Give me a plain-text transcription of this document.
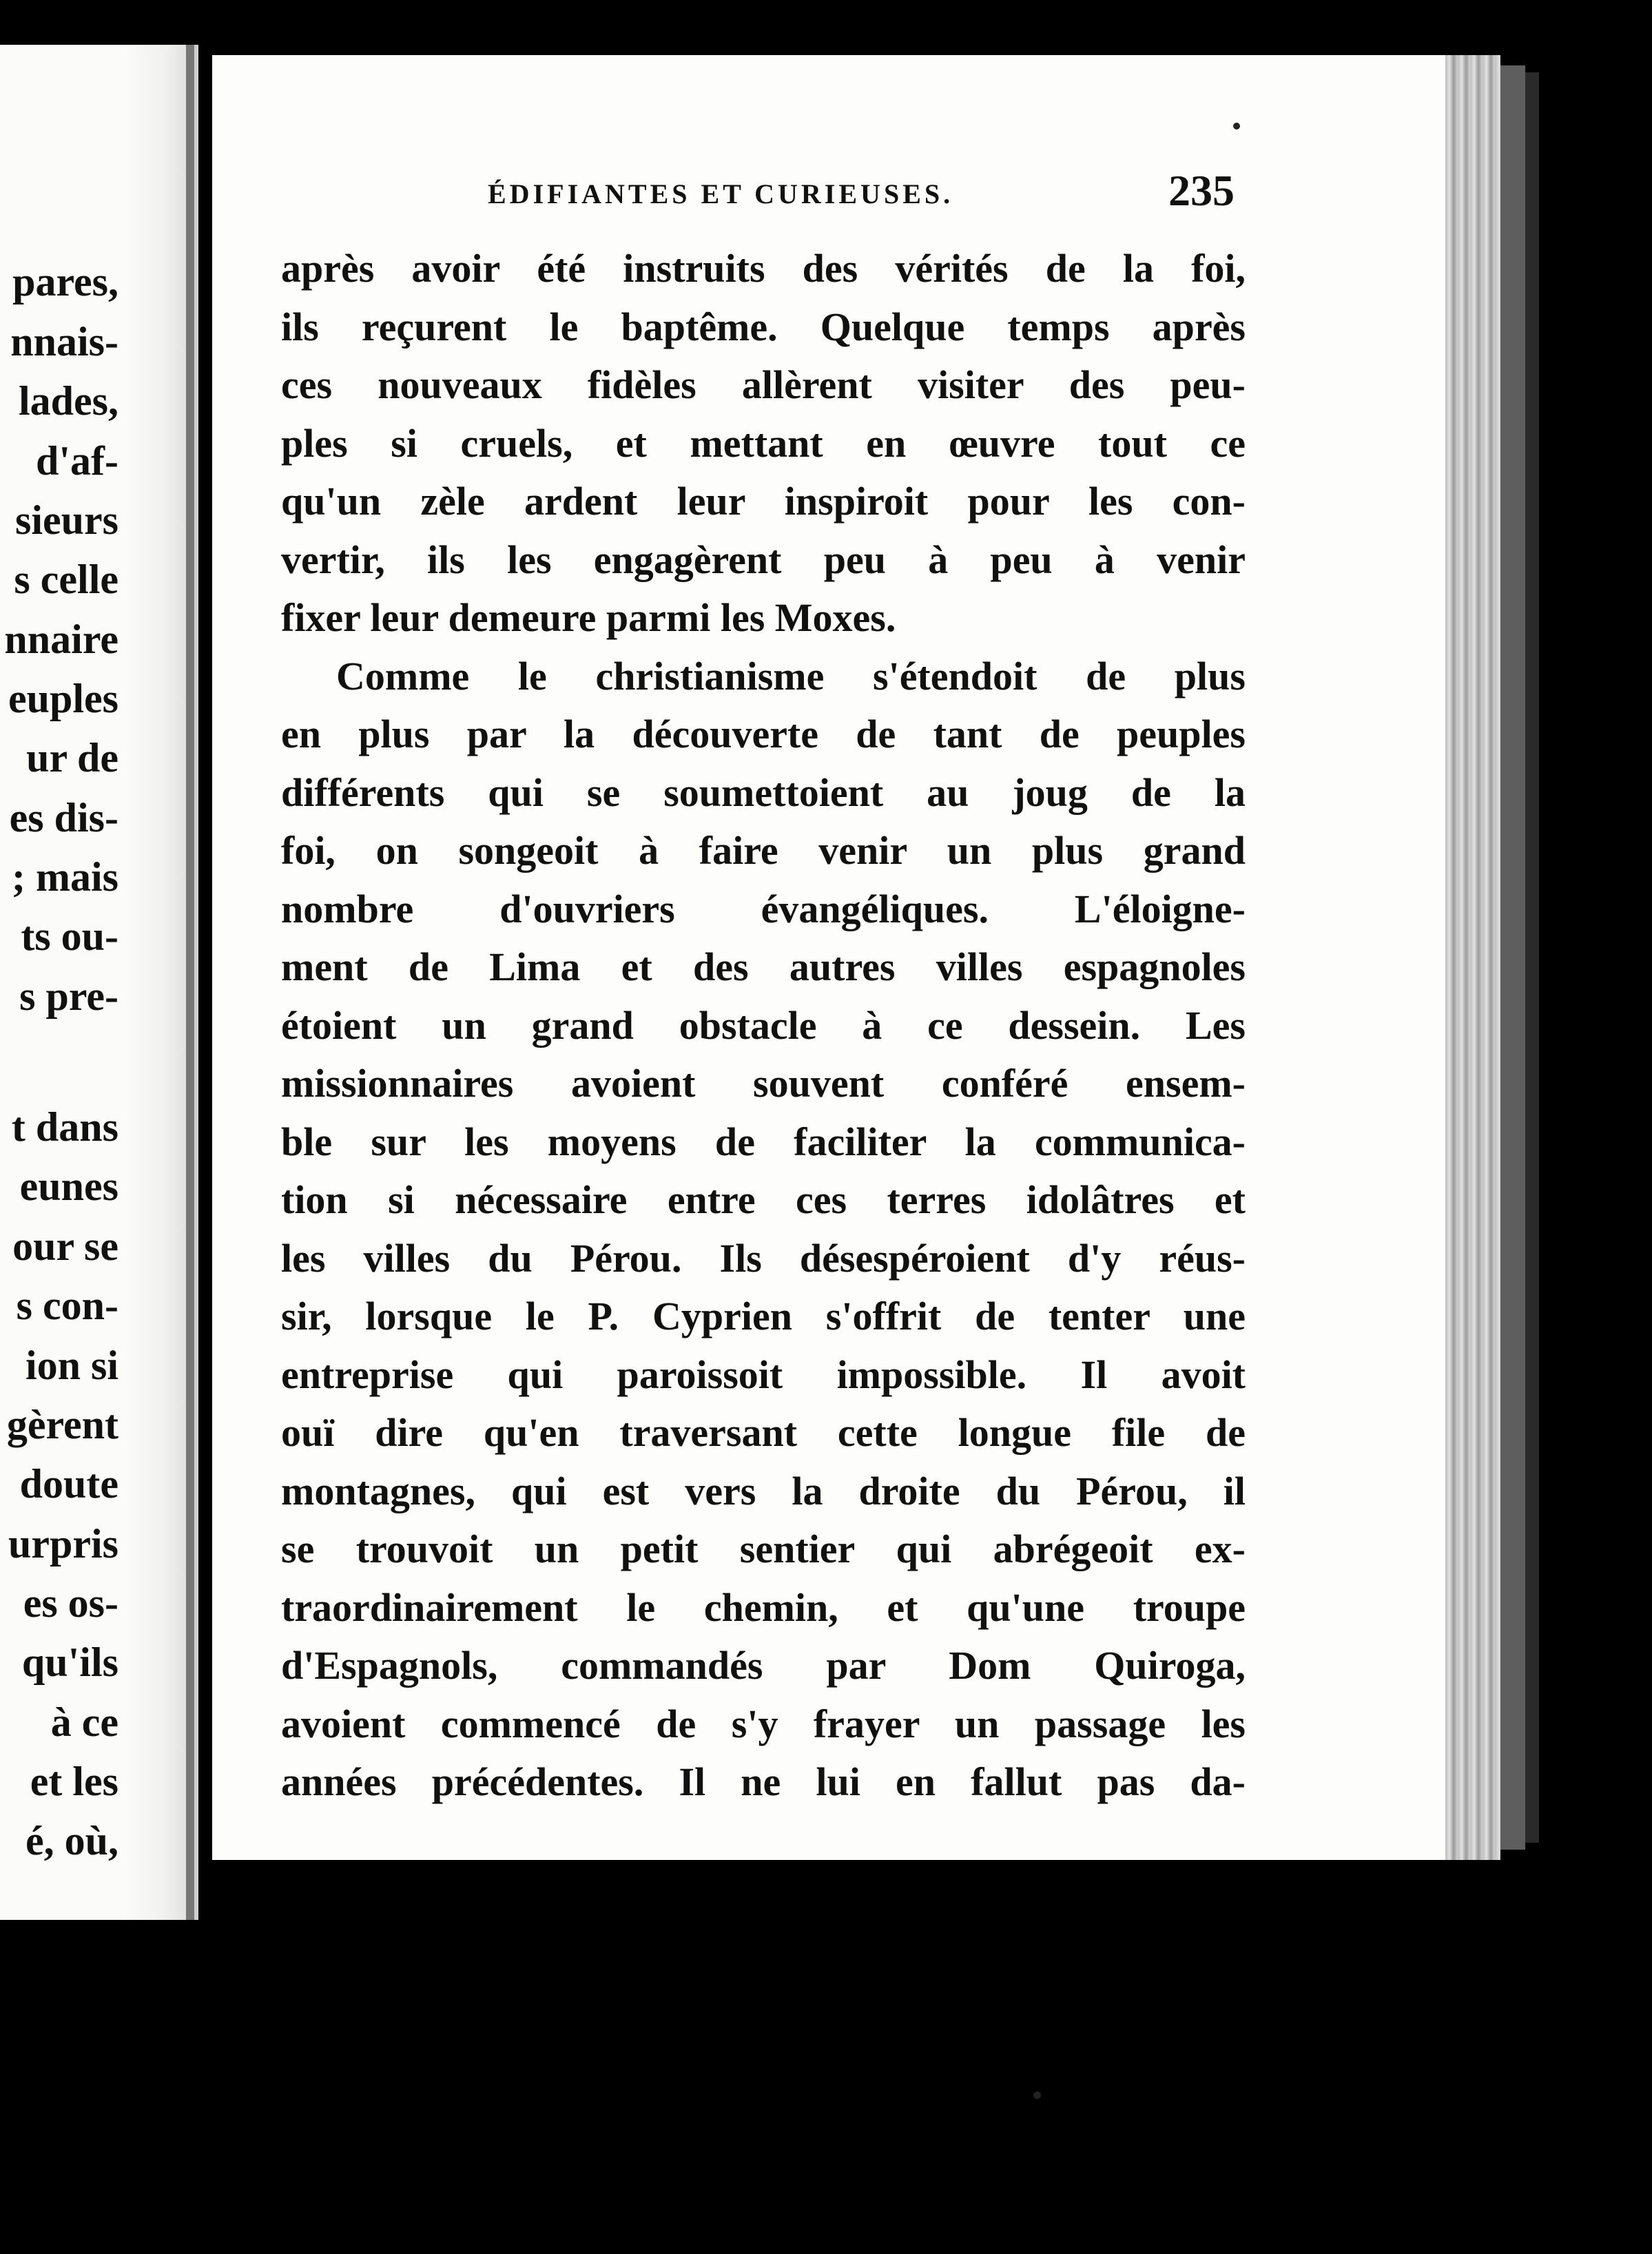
pares,
nnais-
lades,
d'af-
sieurs
s celle
nnaire
euples
ur de
es dis-
; mais
ts ou-
s pre-
t dans
eunes
our se
s con-
ion si
gèrent
doute
urpris
es os-
qu'ils
à ce
et les
é, où,
ÉDIFIANTES ET CURIEUSES.	235
après avoir été instruits des vérités de la foi,
ils reçurent le baptême. Quelque temps après
ces nouveaux fidèles allèrent visiter des peu-
ples si cruels, et mettant en œuvre tout ce
qu'un zèle ardent leur inspiroit pour les con-
vertir, ils les engagèrent peu à peu à venir
fixer leur demeure parmi les Moxes.
Comme le christianisme s'étendoit de plus
en plus par la découverte de tant de peuples
différents qui se soumettoient au joug de la
foi, on songeoit à faire venir un plus grand
nombre d'ouvriers évangéliques. L'éloigne-
ment de Lima et des autres villes espagnoles
étoient un grand obstacle à ce dessein. Les
missionnaires avoient souvent conféré ensem-
ble sur les moyens de faciliter la communica-
tion si nécessaire entre ces terres idolâtres et
les villes du Pérou. Ils désespéroient d'y réus-
sir, lorsque le P. Cyprien s'offrit de tenter une
entreprise qui paroissoit impossible. Il avoit
ouï dire qu'en traversant cette longue file de
montagnes, qui est vers la droite du Pérou, il
se trouvoit un petit sentier qui abrégeoit ex-
traordinairement le chemin, et qu'une troupe
d'Espagnols, commandés par Dom Quiroga,
avoient commencé de s'y frayer un passage les
années précédentes. Il ne lui en fallut pas da-
